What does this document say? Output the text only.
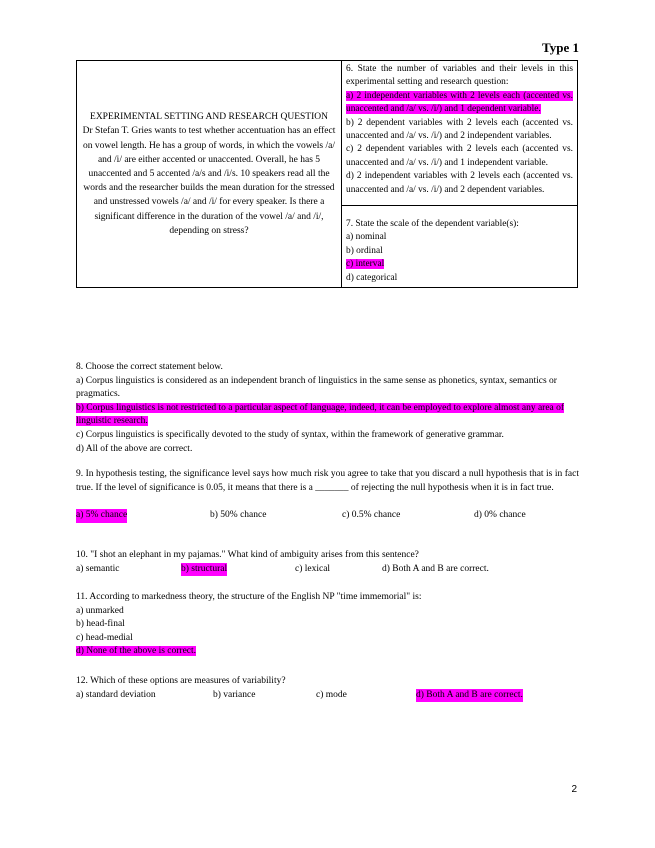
Type 1
EXPERIMENTAL SETTING AND RESEARCH QUESTION
Dr Stefan T. Gries wants to test whether accentuation has an effect on vowel length. He has a group of words, in which the vowels /a/ and /i/ are either accented or unaccented. Overall, he has 5 unaccented and 5 accented /a/s and /i/s. 10 speakers read all the words and the researcher builds the mean duration for the stressed and unstressed vowels /a/ and /i/ for every speaker. Is there a significant difference in the duration of the vowel /a/ and /i/, depending on stress?	

6. State the number of variables and their levels in this experimental setting and research question:

a) 2 independent variables with 2 levels each (accented vs. unaccented and /a/ vs. /i/) and 1 dependent variable.

b) 2 dependent variables with 2 levels each (accented vs. unaccented and /a/ vs. /i/) and 2 independent variables.

c) 2 dependent variables with 2 levels each (accented vs. unaccented and /a/ vs. /i/) and 1 independent variable.

d) 2 independent variables with 2 levels each (accented vs. unaccented and /a/ vs. /i/) and 2 dependent variables.

7. State the scale of the dependent variable(s):

a) nominal

b) ordinal

c) interval

d) categorical

8. Choose the correct statement below.

a) Corpus linguistics is considered as an independent branch of linguistics in the same sense as phonetics, syntax, semantics or pragmatics.

b) Corpus linguistics is not restricted to a particular aspect of language, indeed, it can be employed to explore almost any area of linguistic research.

c) Corpus linguistics is specifically devoted to the study of syntax, within the framework of generative grammar.

d) All of the above are correct.

9. In hypothesis testing, the significance level says how much risk you agree to take that you discard a null hypothesis that is in fact true. If the level of significance is 0.05, it means that there is a _______ of rejecting the null hypothesis when it is in fact true.

a) 5% chance	b) 50% chance	c) 0.5% chance	d) 0% chance

10. "I shot an elephant in my pajamas." What kind of ambiguity arises from this sentence?

a) semantic	b) structural	c) lexical	d) Both A and B are correct.

11. According to markedness theory, the structure of the English NP "time immemorial" is:

a) unmarked

b) head-final

c) head-medial

d) None of the above is correct.

12. Which of these options are measures of variability?

a) standard deviation	b) variance	c) mode	d) Both A and B are correct.
2
